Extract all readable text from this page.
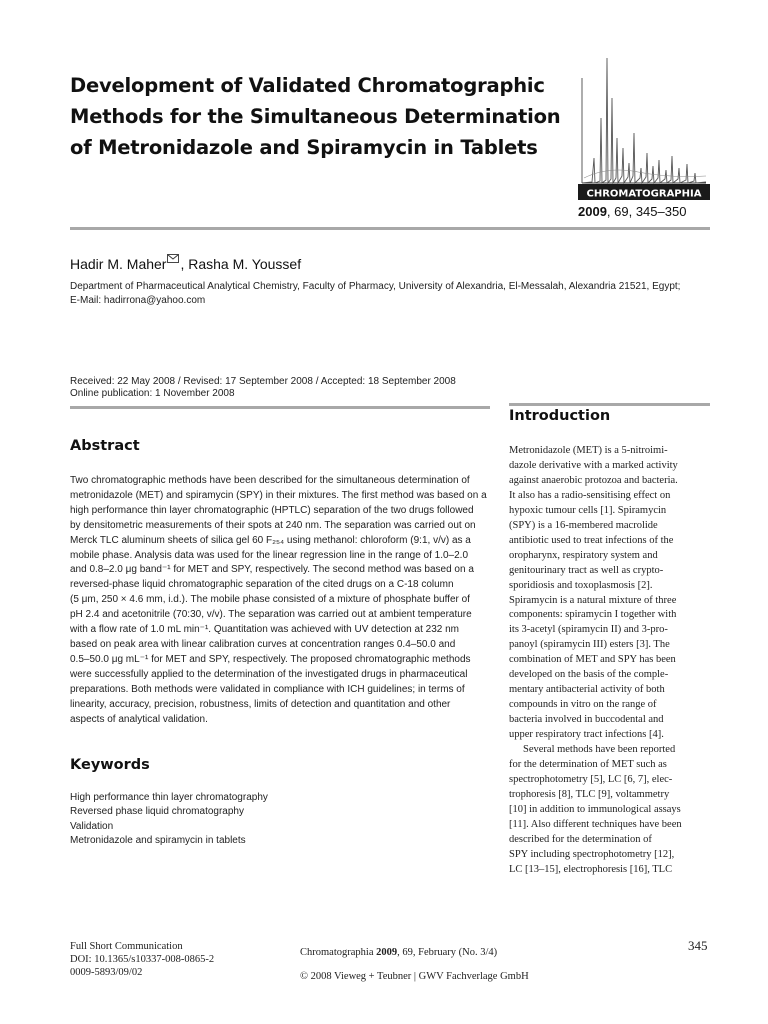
Development of Validated Chromatographic
Methods for the Simultaneous Determination
of Metronidazole and Spiramycin in Tablets
CHROMATOGRAPHIA
2009, 69, 345–350
Hadir M. Maher , Rasha M. Youssef
Department of Pharmaceutical Analytical Chemistry, Faculty of Pharmacy, University of Alexandria, El-Messalah, Alexandria 21521, Egypt;
E-Mail: hadirrona@yahoo.com
Received: 22 May 2008 / Revised: 17 September 2008 / Accepted: 18 September 2008
Online publication: 1 November 2008
Introduction
Abstract
Two chromatographic methods have been described for the simultaneous determination of
metronidazole (MET) and spiramycin (SPY) in their mixtures. The first method was based on a
high performance thin layer chromatographic (HPTLC) separation of the two drugs followed
by densitometric measurements of their spots at 240 nm. The separation was carried out on
Merck TLC aluminum sheets of silica gel 60 F₂₅₄ using methanol: chloroform (9:1, v/v) as a
mobile phase. Analysis data was used for the linear regression line in the range of 1.0–2.0
and 0.8–2.0 μg band⁻¹ for MET and SPY, respectively. The second method was based on a
reversed-phase liquid chromatographic separation of the cited drugs on a C-18 column
(5 μm, 250 × 4.6 mm, i.d.). The mobile phase consisted of a mixture of phosphate buffer of
pH 2.4 and acetonitrile (70:30, v/v). The separation was carried out at ambient temperature
with a flow rate of 1.0 mL min⁻¹. Quantitation was achieved with UV detection at 232 nm
based on peak area with linear calibration curves at concentration ranges 0.4–50.0 and
0.5–50.0 μg mL⁻¹ for MET and SPY, respectively. The proposed chromatographic methods
were successfully applied to the determination of the investigated drugs in pharmaceutical
preparations. Both methods were validated in compliance with ICH guidelines; in terms of
linearity, accuracy, precision, robustness, limits of detection and quantitation and other
aspects of analytical validation.
Keywords
High performance thin layer chromatography
Reversed phase liquid chromatography
Validation
Metronidazole and spiramycin in tablets
Metronidazole (MET) is a 5-nitroimi-
dazole derivative with a marked activity
against anaerobic protozoa and bacteria.
It also has a radio-sensitising effect on
hypoxic tumour cells [1]. Spiramycin
(SPY) is a 16-membered macrolide
antibiotic used to treat infections of the
oropharynx, respiratory system and
genitourinary tract as well as crypto-
sporidiosis and toxoplasmosis [2].
Spiramycin is a natural mixture of three
components: spiramycin I together with
its 3-acetyl (spiramycin II) and 3-pro-
panoyl (spiramycin III) esters [3]. The
combination of MET and SPY has been
developed on the basis of the comple-
mentary antibacterial activity of both
compounds in vitro on the range of
bacteria involved in buccodental and
upper respiratory tract infections [4].
Several methods have been reported
for the determination of MET such as
spectrophotometry [5], LC [6, 7], elec-
trophoresis [8], TLC [9], voltammetry
[10] in addition to immunological assays
[11]. Also different techniques have been
described for the determination of
SPY including spectrophotometry [12],
LC [13–15], electrophoresis [16], TLC
Full Short Communication
DOI: 10.1365/s10337-008-0865-2
0009-5893/09/02
Chromatographia 2009, 69, February (No. 3/4)
© 2008 Vieweg + Teubner | GWV Fachverlage GmbH
345
